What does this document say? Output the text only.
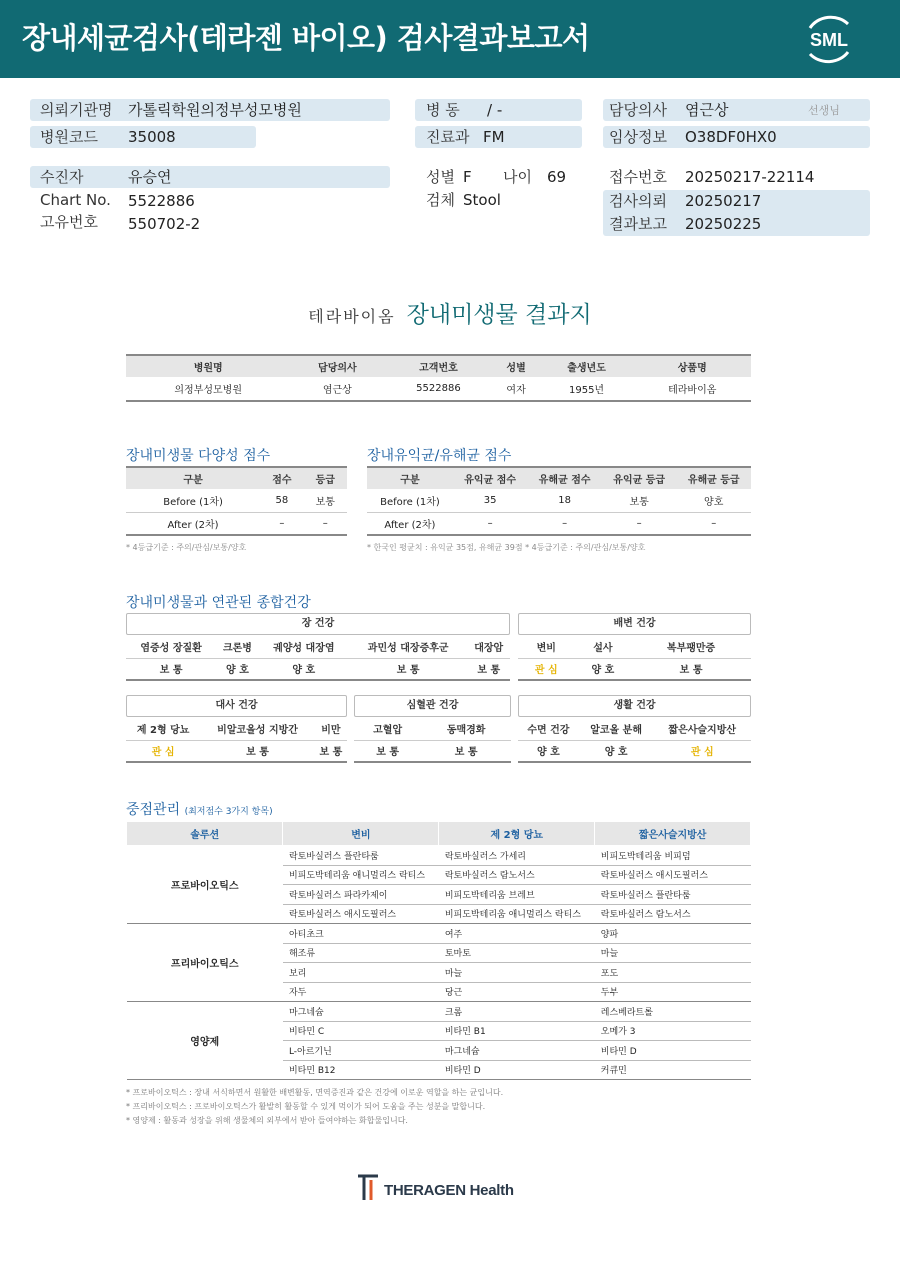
장내세균검사(테라젠 바이오) 검사결과보고서	SML
의뢰기관명 가톨릭학원의정부성모병원
병원코드 35008
병 동 / -
진료과 FM
담당의사 염근상	선생님
임상정보 O38DF0HX0
수진자	유승연
Chart No. 5522886
고유번호 550702-2
성별 F 나이 69
검체 Stool
접수번호 20250217-22114
검사의뢰 20250217
결과보고 20250225
테라바이옴 장내미생물 결과지
병원명	담당의사	고객번호	성별	출생년도	상품명
의정부성모병원	염근상	5522886	여자	1955년	테라바이옴
장내미생물 다양성 점수
구분	점수	등급
Before (1차)	58	보통
After (2차)	–	–
* 4등급기준 : 주의/관심/보통/양호
장내유익균/유해균 점수
구분	유익균 점수	유해균 점수	유익균 등급	유해균 등급
Before (1차)	35	18	보통	양호
After (2차)	–	–	–	–
* 한국인 평균치 : 유익균 35점, 유해균 39점 * 4등급기준 : 주의/관심/보통/양호
장내미생물과 연관된 종합건강
장 건강
염증성 장질환	크론병	궤양성 대장염	과민성 대장증후군	대장암
보 통	양 호	양 호	보 통	보 통
배변 건강
변비	설사	복부팽만증
관 심	양 호	보 통
대사 건강
제 2형 당뇨	비알코올성 지방간	비만
관 심	보 통	보 통
심혈관 건강
고혈압	동맥경화
보 통	보 통
생활 건강
수면 건강	알코올 분해	짧은사슬지방산
양 호	양 호	관 심
중점관리 (최저점수 3가지 항목)
솔루션	변비	제 2형 당뇨	짧은사슬지방산
프로바이오틱스	락토바실러스 플란타룸	락토바실러스 가세리	비피도박테리움 비피덤
	비피도박테리움 애니멀리스 락티스	락토바실러스 람노서스	락토바실러스 애시도필러스
	락토바실러스 파라카제이	비피도박테리움 브레브	락토바실러스 플란타룸
	락토바실러스 애시도필러스	비피도박테리움 애니멀리스 락티스	락토바실러스 람노서스
프리바이오틱스	아티초크	여주	양파
	해조류	토마토	마늘
	보리	마늘	포도
	자두	당근	두부
영양제	마그네슘	크롬	레스베라트롤
	비타민 C	비타민 B1	오메가 3
	L-아르기닌	마그네슘	비타민 D
	비타민 B12	비타민 D	커큐민
* 프로바이오틱스 : 장내 서식하면서 원활한 배변활동, 면역증진과 같은 건강에 이로운 역할을 하는 균입니다.
* 프리바이오틱스 : 프로바이오틱스가 활발히 활동할 수 있게 먹이가 되어 도움을 주는 성분을 말합니다.
* 영양제 : 활동과 성장을 위해 생물체의 외부에서 받아 들여야하는 화합물입니다.
THERAGEN Health
